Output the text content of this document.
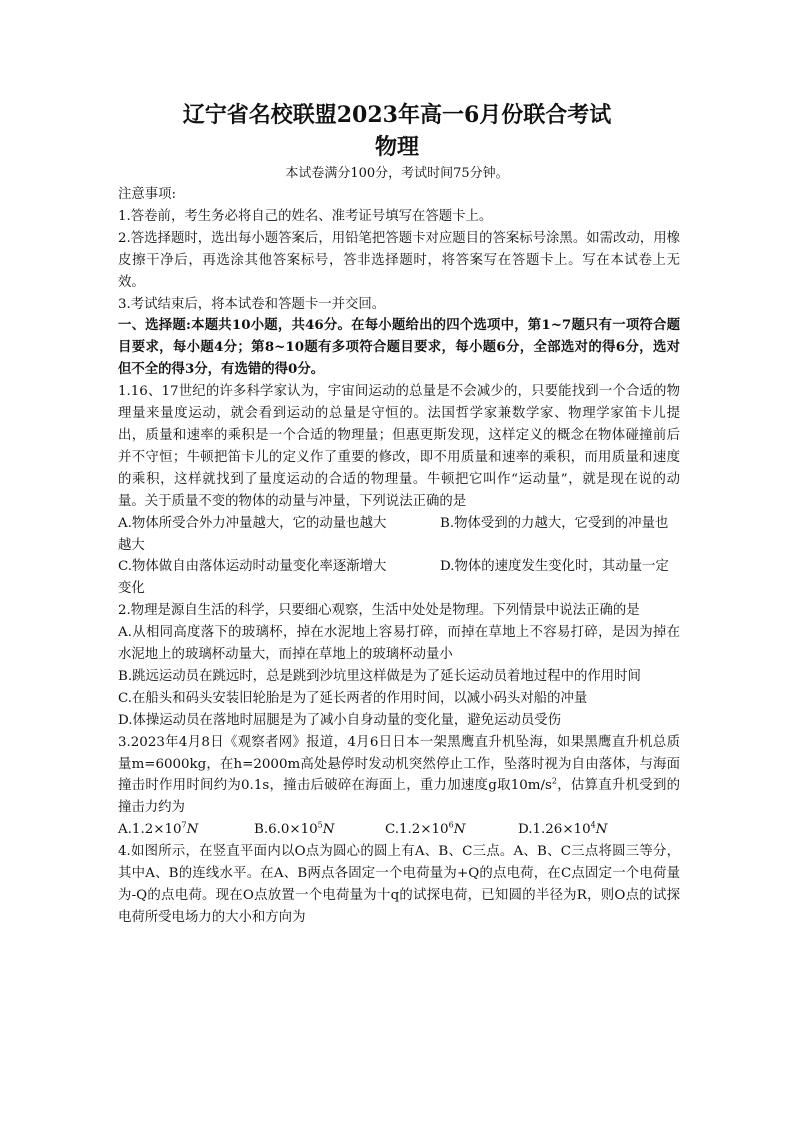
辽宁省名校联盟2023年高一6月份联合考试
物理
本试卷满分100分，考试时间75分钟。

注意事项:

1.答卷前，考生务必将自己的姓名、准考证号填写在答题卡上。

2.答选择题时，选出每小题答案后，用铅笔把答题卡对应题目的答案标号涂黑。如需改动，用橡皮擦干净后，再选涂其他答案标号，答非选择题时，将答案写在答题卡上。写在本试卷上无效。

3.考试结束后，将本试卷和答题卡一并交回。

一、选择题:本题共10小题，共46分。在每小题给出的四个选项中，第1~7题只有一项符合题目要求，每小题4分；第8~10题有多项符合题目要求，每小题6分，全部选对的得6分，选对但不全的得3分，有选错的得0分。

1.16、17世纪的许多科学家认为，宇宙间运动的总量是不会减少的，只要能找到一个合适的物理量来量度运动，就会看到运动的总量是守恒的。法国哲学家兼数学家、物理学家笛卡儿提出，质量和速率的乘积是一个合适的物理量；但惠更斯发现，这样定义的概念在物体碰撞前后并不守恒；牛顿把笛卡儿的定义作了重要的修改，即不用质量和速率的乘积，而用质量和速度的乘积，这样就找到了量度运动的合适的物理量。牛顿把它叫作“运动量”，就是现在说的动量。关于质量不变的物体的动量与冲量，下列说法正确的是

A.物体所受合外力冲量越大，它的动量也越大	B.物体受到的力越大，它受到的冲量也

越大

C.物体做自由落体运动时动量变化率逐渐增大	D.物体的速度发生变化时，其动量一定

变化

2.物理是源自生活的科学，只要细心观察，生活中处处是物理。下列情景中说法正确的是

A.从相同高度落下的玻璃杯，掉在水泥地上容易打碎，而掉在草地上不容易打碎，是因为掉在水泥地上的玻璃杯动量大，而掉在草地上的玻璃杯动量小

B.跳远运动员在跳远时，总是跳到沙坑里这样做是为了延长运动员着地过程中的作用时间

C.在船头和码头安装旧轮胎是为了延长两者的作用时间，以减小码头对船的冲量

D.体操运动员在落地时屈腿是为了减小自身动量的变化量，避免运动员受伤

3.2023年4月8日《观察者网》报道，4月6日日本一架黑鹰直升机坠海，如果黑鹰直升机总质量m=6000kg，在h=2000m高处悬停时发动机突然停止工作，坠落时视为自由落体，与海面撞击时作用时间约为0.1s，撞击后破碎在海面上，重力加速度g取$10m/s^2$，估算直升机受到的撞击力约为

$A.1.2\times 10^7N$	$B.6.0\times 10^5N$	$C.1.2\times 10^6N$	$D.1.26\times 10^4N$

4.如图所示，在竖直平面内以O点为圆心的圆上有A、B、C三点。A、B、C三点将圆三等分，其中A、B的连线水平。在A、B两点各固定一个电荷量为+Q的点电荷，在C点固定一个电荷量为-Q的点电荷。现在O点放置一个电荷量为十q的试探电荷，已知圆的半径为R，则O点的试探电荷所受电场力的大小和方向为
